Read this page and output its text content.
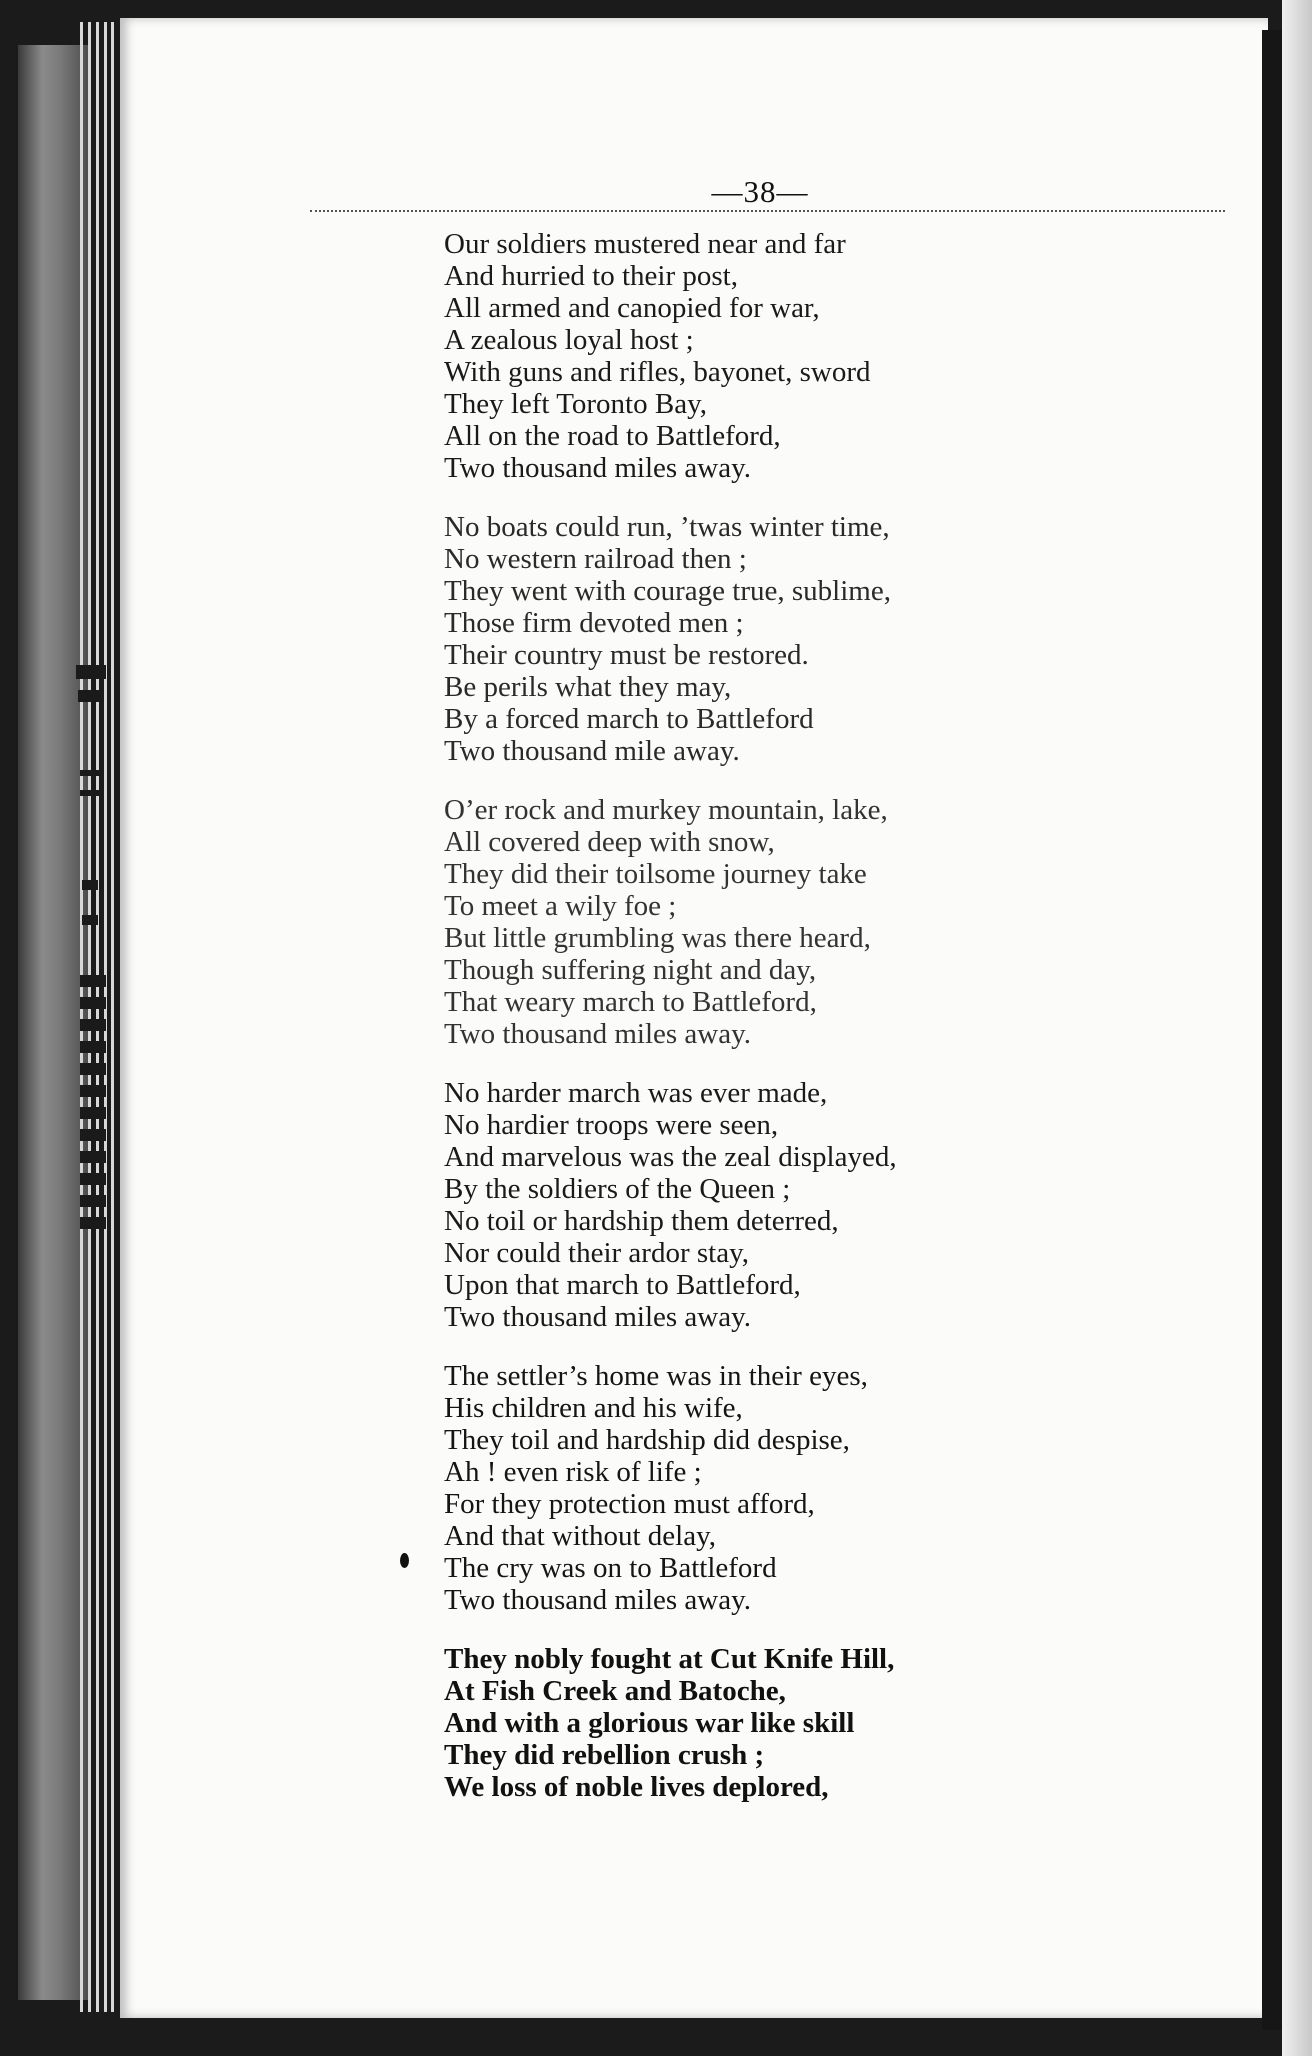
—38—
Our soldiers mustered near and far
And hurried to their post,
All armed and canopied for war,
A zealous loyal host ;
With guns and rifles, bayonet, sword
They left Toronto Bay,
All on the road to Battleford,
Two thousand miles away.
No boats could run, ’twas winter time,
No western railroad then ;
They went with courage true, sublime,
Those firm devoted men ;
Their country must be restored.
Be perils what they may,
By a forced march to Battleford
Two thousand mile away.
O’er rock and murkey mountain, lake,
All covered deep with snow,
They did their toilsome journey take
To meet a wily foe ;
But little grumbling was there heard,
Though suffering night and day,
That weary march to Battleford,
Two thousand miles away.
No harder march was ever made,
No hardier troops were seen,
And marvelous was the zeal displayed,
By the soldiers of the Queen ;
No toil or hardship them deterred,
Nor could their ardor stay,
Upon that march to Battleford,
Two thousand miles away.
The settler’s home was in their eyes,
His children and his wife,
They toil and hardship did despise,
Ah ! even risk of life ;
For they protection must afford,
And that without delay,
The cry was on to Battleford
Two thousand miles away.
They nobly fought at Cut Knife Hill,
At Fish Creek and Batoche,
And with a glorious war like skill
They did rebellion crush ;
We loss of noble lives deplored,
